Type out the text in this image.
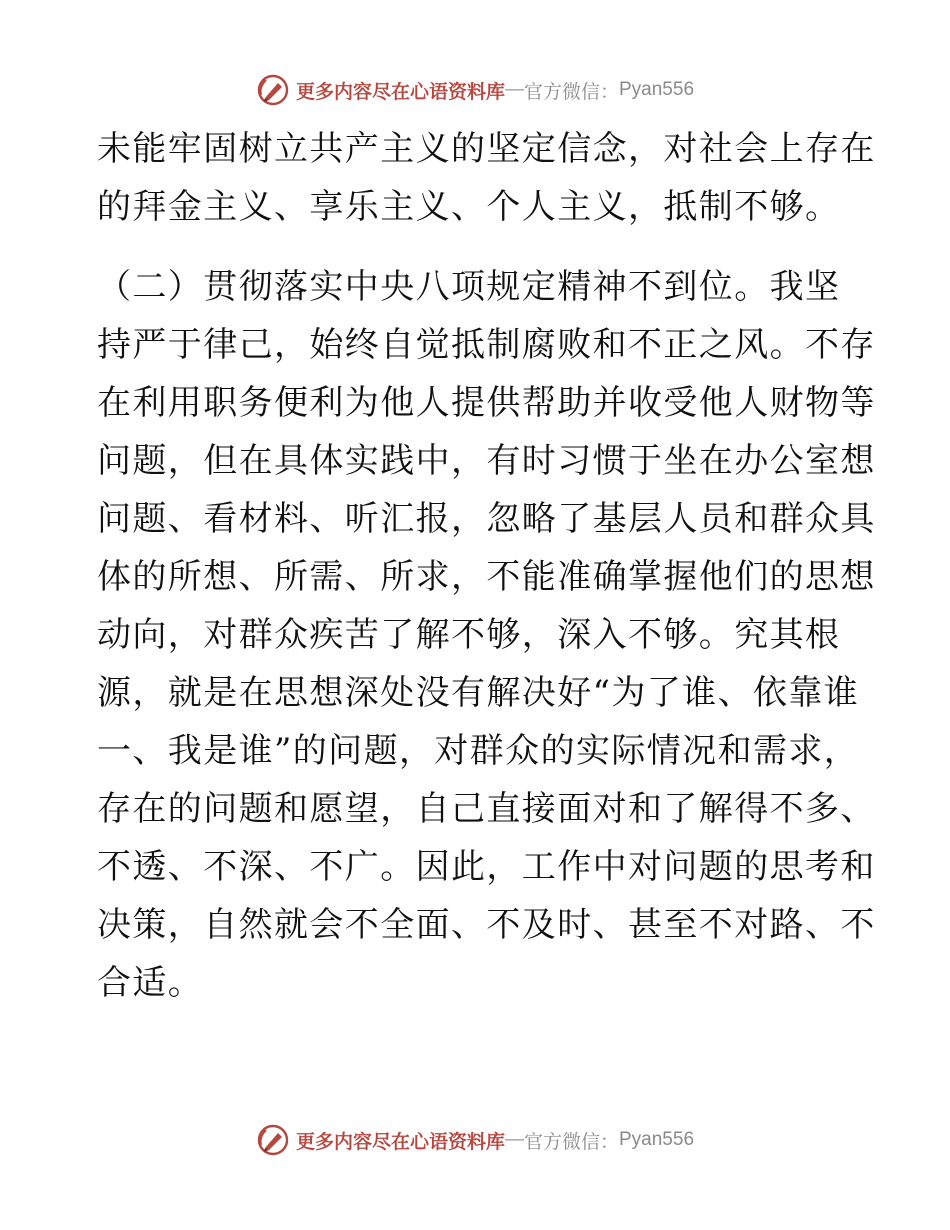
更多内容尽在心语资料库 — 官方微信： Pyan556
未能牢固树立共产主义的坚定信念，对社会上存在
的拜金主义、享乐主义、个人主义，抵制不够。
（二）贯彻落实中央八项规定精神不到位。我坚
持严于律己，始终自觉抵制腐败和不正之风。不存
在利用职务便利为他人提供帮助并收受他人财物等
问题，但在具体实践中，有时习惯于坐在办公室想
问题、看材料、听汇报，忽略了基层人员和群众具
体的所想、所需、所求，不能准确掌握他们的思想
动向，对群众疾苦了解不够，深入不够。究其根
源，就是在思想深处没有解决好“为了谁、依靠谁
一、我是谁”的问题，对群众的实际情况和需求，
存在的问题和愿望，自己直接面对和了解得不多、
不透、不深、不广。因此，工作中对问题的思考和
决策，自然就会不全面、不及时、甚至不对路、不
合适。
更多内容尽在心语资料库 — 官方微信： Pyan556
